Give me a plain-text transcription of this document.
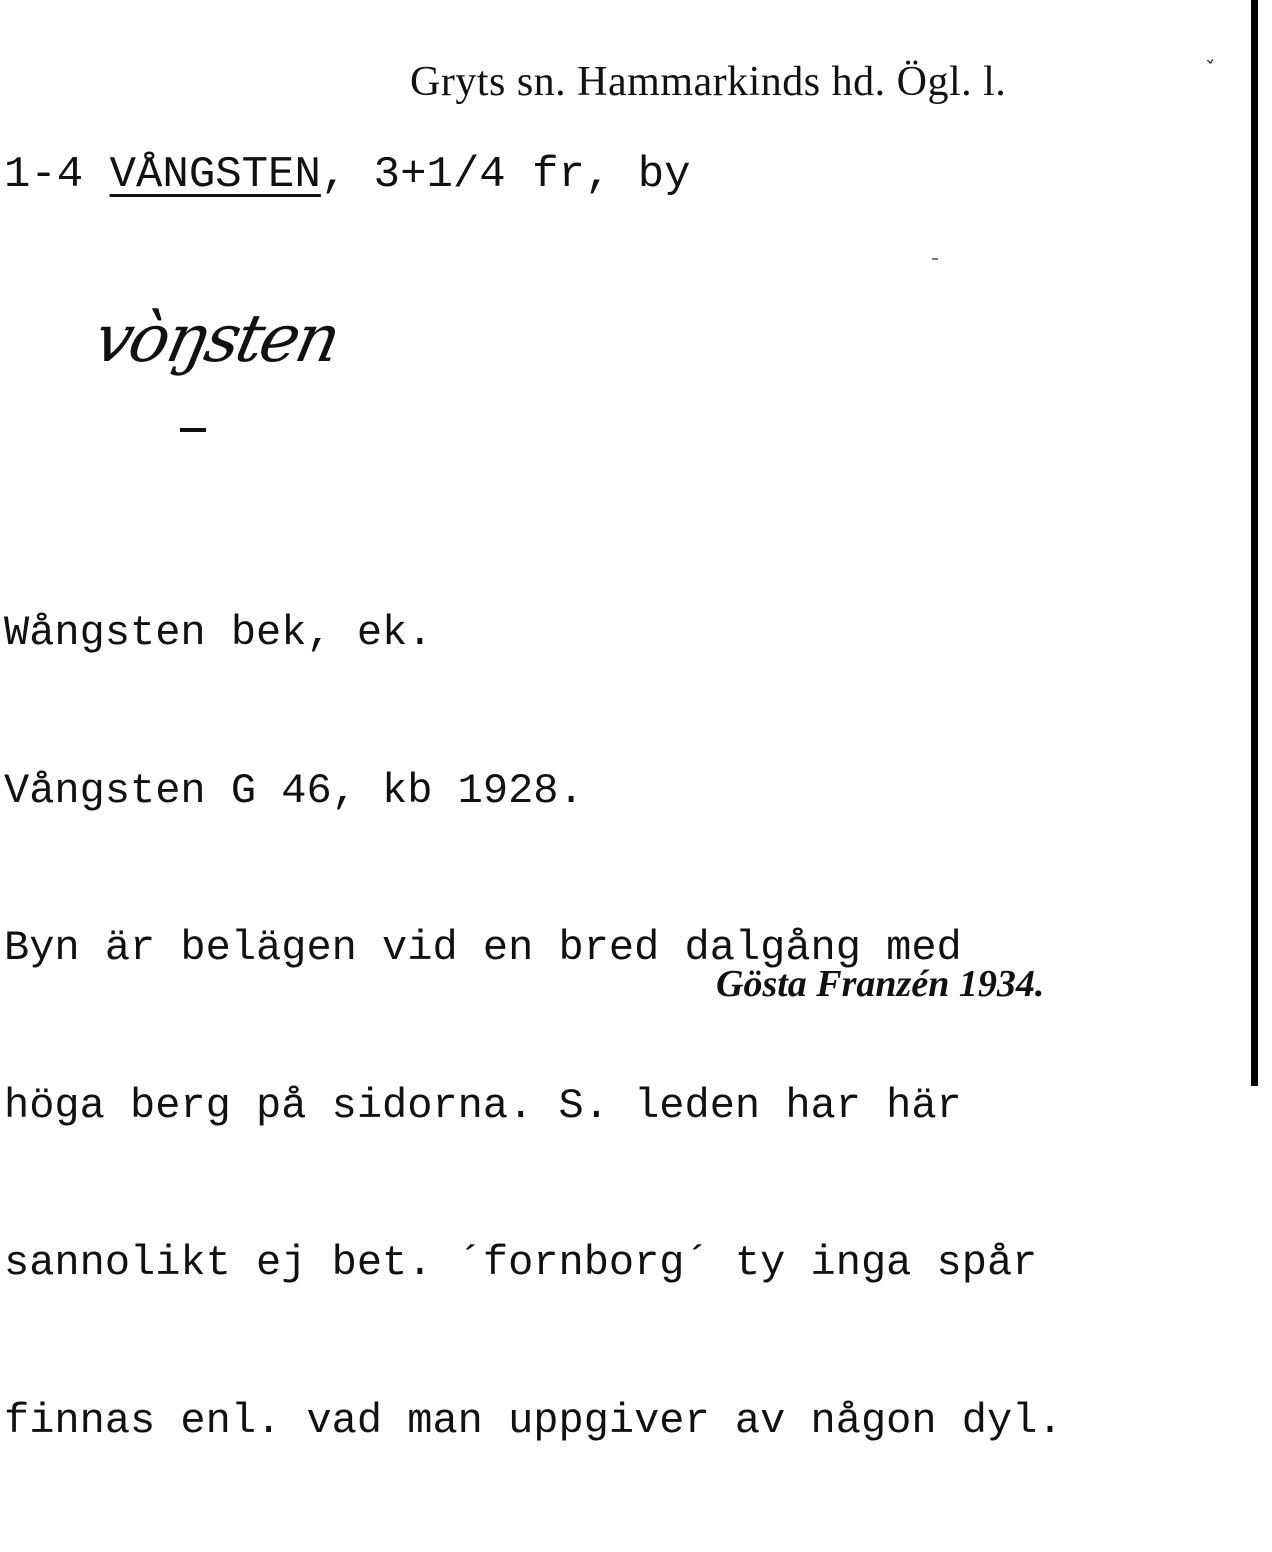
ˇ
Gryts sn. Hammarkinds hd. Ögl. l.
1-4 VÅNGSTEN, 3+1/4 fr, by
vòŋsten

Wångsten bek, ek.

Vångsten G 46, kb 1928.

Byn är belägen vid en bred dalgång med

höga berg på sidorna. S. leden har här

sannolikt ej bet. ´fornborg´ ty inga spår

finnas enl. vad man uppgiver av någon dyl.

Gösta Franzén 1934.
